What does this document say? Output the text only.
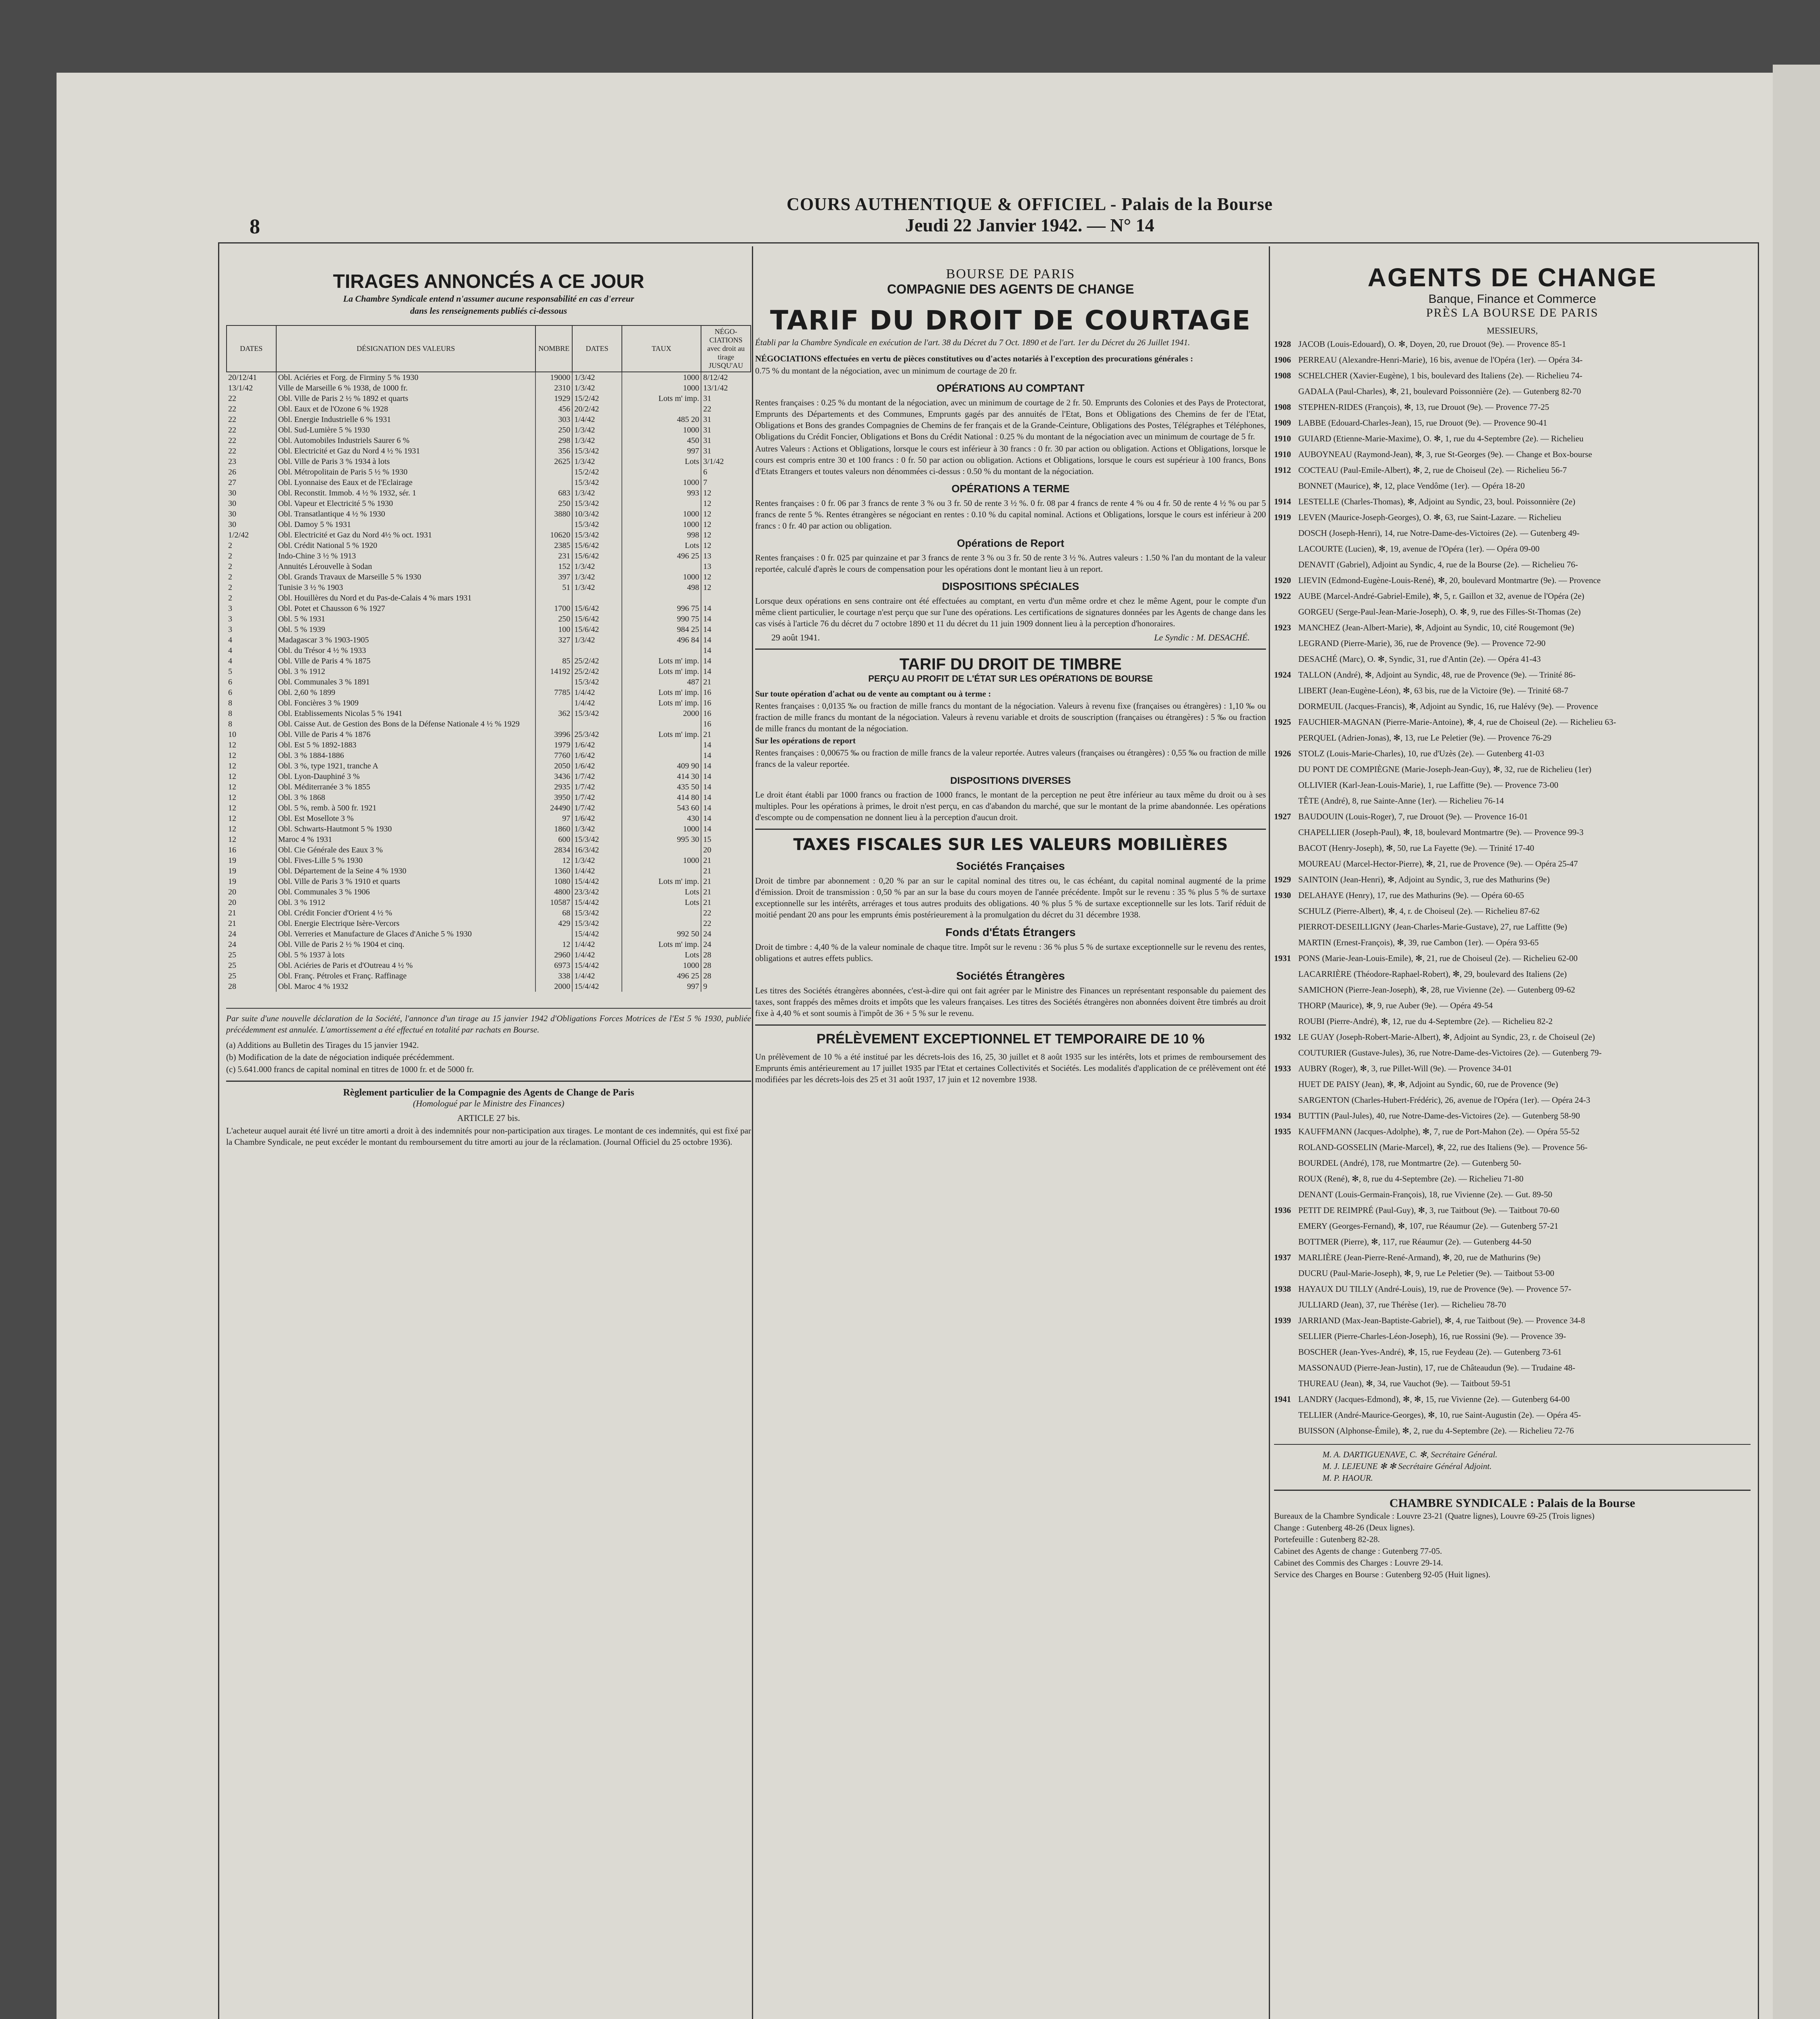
8
COURS AUTHENTIQUE & OFFICIEL - Palais de la Bourse
Jeudi 22 Janvier 1942. — N° 14
TIRAGES ANNONCÉS A CE JOUR
La Chambre Syndicale entend n'assumer aucune responsabilité en cas d'erreur
dans les renseignements publiés ci-dessous
DATES	DÉSIGNATION DES VALEURS	NOMBRE	DATES	TAUX	NÉGO-CIATIONS avec droit au tirage JUSQU'AU
20/12/41	Obl. Aciéries et Forg. de Firminy 5 % 1930	19000	1/3/42	1000	8/12/42
13/1/42	Ville de Marseille 6 % 1938, de 1000 fr.	2310	1/3/42	1000	13/1/42
22	Obl. Ville de Paris 2 ½ % 1892 et quarts	1929	15/2/42	Lots m' imp.	31
22	Obl. Eaux et de l'Ozone 6 % 1928	456	20/2/42		22
22	Obl. Energie Industrielle 6 % 1931	303	1/4/42	485 20	31
22	Obl. Sud-Lumière 5 % 1930	250	1/3/42	1000	31
22	Obl. Automobiles Industriels Saurer 6 %	298	1/3/42	450	31
22	Obl. Electricité et Gaz du Nord 4 ½ % 1931	356	15/3/42	997	31
23	Obl. Ville de Paris 3 % 1934 à lots	2625	1/3/42	Lots	3/1/42
26	Obl. Métropolitain de Paris 5 ½ % 1930		15/2/42		6
27	Obl. Lyonnaise des Eaux et de l'Eclairage		15/3/42	1000	7
30	Obl. Reconstit. Immob. 4 ½ % 1932, sér. 1	683	1/3/42	993	12
30	Obl. Vapeur et Electricité 5 % 1930	250	15/3/42		12
30	Obl. Transatlantique 4 ½ % 1930	3880	10/3/42	1000	12
30	Obl. Damoy 5 % 1931		15/3/42	1000	12
1/2/42	Obl. Electricité et Gaz du Nord 4½ % oct. 1931	10620	15/3/42	998	12
2	Obl. Crédit National 5 % 1920	2385	15/6/42	Lots	12
2	Indo-Chine 3 ½ % 1913	231	15/6/42	496 25	13
2	Annuités Lérouvelle à Sodan	152	1/3/42		13
2	Obl. Grands Travaux de Marseille 5 % 1930	397	1/3/42	1000	12
2	Tunisie 3 ½ % 1903	51	1/3/42	498	12
2	Obl. Houillères du Nord et du Pas-de-Calais 4 % mars 1931				
3	Obl. Potet et Chausson 6 % 1927	1700	15/6/42	996 75	14
3	Obl. 5 % 1931	250	15/6/42	990 75	14
3	Obl. 5 % 1939	100	15/6/42	984 25	14
4	Madagascar 3 % 1903-1905	327	1/3/42	496 84	14
4	Obl. du Trésor 4 ½ % 1933				14
4	Obl. Ville de Paris 4 % 1875	85	25/2/42	Lots m' imp.	14
5	Obl. 3 % 1912	14192	25/2/42	Lots m' imp.	14
6	Obl. Communales 3 % 1891		15/3/42	487	21
6	Obl. 2,60 % 1899	7785	1/4/42	Lots m' imp.	16
8	Obl. Foncières 3 % 1909		1/4/42	Lots m' imp.	16
8	Obl. Etablissements Nicolas 5 % 1941	362	15/3/42	2000	16
8	Obl. Caisse Aut. de Gestion des Bons de la Défense Nationale 4 ½ % 1929				16
10	Obl. Ville de Paris 4 % 1876	3996	25/3/42	Lots m' imp.	21
12	Obl. Est 5 % 1892-1883	1979	1/6/42		14
12	Obl. 3 % 1884-1886	7760	1/6/42		14
12	Obl. 3 %, type 1921, tranche A	2050	1/6/42	409 90	14
12	Obl. Lyon-Dauphiné 3 %	3436	1/7/42	414 30	14
12	Obl. Méditerranée 3 % 1855	2935	1/7/42	435 50	14
12	Obl. 3 % 1868	3950	1/7/42	414 80	14
12	Obl. 5 %, remb. à 500 fr. 1921	24490	1/7/42	543 60	14
12	Obl. Est Mosellote 3 %	97	1/6/42	430	14
12	Obl. Schwarts-Hautmont 5 % 1930	1860	1/3/42	1000	14
12	Maroc 4 % 1931	600	15/3/42	995 30	15
16	Obl. Cie Générale des Eaux 3 %	2834	16/3/42		20
19	Obl. Fives-Lille 5 % 1930	12	1/3/42	1000	21
19	Obl. Département de la Seine 4 % 1930	1360	1/4/42		21
19	Obl. Ville de Paris 3 % 1910 et quarts	1080	15/4/42	Lots m' imp.	21
20	Obl. Communales 3 % 1906	4800	23/3/42	Lots	21
20	Obl. 3 % 1912	10587	15/4/42	Lots	21
21	Obl. Crédit Foncier d'Orient 4 ½ %	68	15/3/42		22
21	Obl. Energie Electrique Isère-Vercors	429	15/3/42		22
24	Obl. Verreries et Manufacture de Glaces d'Aniche 5 % 1930		15/4/42	992 50	24
24	Obl. Ville de Paris 2 ½ % 1904 et cinq.	12	1/4/42	Lots m' imp.	24
25	Obl. 5 % 1937 à lots	2960	1/4/42	Lots	28
25	Obl. Aciéries de Paris et d'Outreau 4 ½ %	6973	15/4/42	1000	28
25	Obl. Franç. Pétroles et Franç. Raffinage	338	1/4/42	496 25	28
28	Obl. Maroc 4 % 1932	2000	15/4/42	997	9
Par suite d'une nouvelle déclaration de la Société, l'annonce d'un tirage au 15 janvier 1942 d'Obligations Forces Motrices de l'Est 5 % 1930, publiée précédemment est annulée. L'amortissement a été effectué en totalité par rachats en Bourse.
(a) Additions au Bulletin des Tirages du 15 janvier 1942.
(b) Modification de la date de négociation indiquée précédemment.
(c) 5.641.000 francs de capital nominal en titres de 1000 fr. et de 5000 fr.
Règlement particulier de la Compagnie des Agents de Change de Paris
(Homologué par le Ministre des Finances)
ARTICLE 27 bis.
L'acheteur auquel aurait été livré un titre amorti a droit à des indemnités pour non-participation aux tirages. Le montant de ces indemnités, qui est fixé par la Chambre Syndicale, ne peut excéder le montant du remboursement du titre amorti au jour de la réclamation. (Journal Officiel du 25 octobre 1936).
BOURSE DE PARIS
COMPAGNIE DES AGENTS DE CHANGE
TARIF DU DROIT DE COURTAGE
Établi par la Chambre Syndicale en exécution de l'art. 38 du Décret du 7 Oct. 1890 et de l'art. 1er du Décret du 26 Juillet 1941.
NÉGOCIATIONS effectuées en vertu de pièces constitutives ou d'actes notariés à l'exception des procurations générales :
0.75 % du montant de la négociation, avec un minimum de courtage de 20 fr.
OPÉRATIONS AU COMPTANT
Rentes françaises : 0.25 % du montant de la négociation, avec un minimum de courtage de 2 fr. 50. Emprunts des Colonies et des Pays de Protectorat, Emprunts des Départements et des Communes, Emprunts gagés par des annuités de l'Etat, Bons et Obligations des Chemins de fer de l'Etat, Obligations et Bons des grandes Compagnies de Chemins de fer français et de la Grande-Ceinture, Obligations des Postes, Télégraphes et Téléphones, Obligations du Crédit Foncier, Obligations et Bons du Crédit National : 0.25 % du montant de la négociation avec un minimum de courtage de 5 fr.
Autres Valeurs : Actions et Obligations, lorsque le cours est inférieur à 30 francs : 0 fr. 30 par action ou obligation. Actions et Obligations, lorsque le cours est compris entre 30 et 100 francs : 0 fr. 50 par action ou obligation. Actions et Obligations, lorsque le cours est supérieur à 100 francs, Bons d'Etats Etrangers et toutes valeurs non dénommées ci-dessus : 0.50 % du montant de la négociation.
OPÉRATIONS A TERME
Rentes françaises : 0 fr. 06 par 3 francs de rente 3 % ou 3 fr. 50 de rente 3 ½ %. 0 fr. 08 par 4 francs de rente 4 % ou 4 fr. 50 de rente 4 ½ % ou par 5 francs de rente 5 %. Rentes étrangères se négociant en rentes : 0.10 % du capital nominal. Actions et Obligations, lorsque le cours est inférieur à 200 francs : 0 fr. 40 par action ou obligation.
Opérations de Report
Rentes françaises : 0 fr. 025 par quinzaine et par 3 francs de rente 3 % ou 3 fr. 50 de rente 3 ½ %. Autres valeurs : 1.50 % l'an du montant de la valeur reportée, calculé d'après le cours de compensation pour les opérations dont le montant lieu à un report.
DISPOSITIONS SPÉCIALES
Lorsque deux opérations en sens contraire ont été effectuées au comptant, en vertu d'un même ordre et chez le même Agent, pour le compte d'un même client particulier, le courtage n'est perçu que sur l'une des opérations. Les certifications de signatures données par les Agents de change dans les cas visés à l'article 76 du décret du 7 octobre 1890 et 11 du décret du 11 juin 1909 donnent lieu à la perception d'honoraires.
29 août 1941.	Le Syndic : M. DESACHÉ.
TARIF DU DROIT DE TIMBRE
PERÇU AU PROFIT DE L'ÉTAT SUR LES OPÉRATIONS DE BOURSE
Sur toute opération d'achat ou de vente au comptant ou à terme :
Rentes françaises : 0,0135 ‰ ou fraction de mille francs du montant de la négociation. Valeurs à revenu fixe (françaises ou étrangères) : 1,10 ‰ ou fraction de mille francs du montant de la négociation. Valeurs à revenu variable et droits de souscription (françaises ou étrangères) : 5 ‰ ou fraction de mille francs du montant de la négociation.
Sur les opérations de report
Rentes françaises : 0,00675 ‰ ou fraction de mille francs de la valeur reportée. Autres valeurs (françaises ou étrangères) : 0,55 ‰ ou fraction de mille francs de la valeur reportée.
DISPOSITIONS DIVERSES
Le droit étant établi par 1000 francs ou fraction de 1000 francs, le montant de la perception ne peut être inférieur au taux même du droit ou à ses multiples. Pour les opérations à primes, le droit n'est perçu, en cas d'abandon du marché, que sur le montant de la prime abandonnée. Les opérations d'escompte ou de compensation ne donnent lieu à la perception d'aucun droit.
TAXES FISCALES SUR LES VALEURS MOBILIÈRES
Sociétés Françaises
Droit de timbre par abonnement : 0,20 % par an sur le capital nominal des titres ou, le cas échéant, du capital nominal augmenté de la prime d'émission. Droit de transmission : 0,50 % par an sur la base du cours moyen de l'année précédente. Impôt sur le revenu : 35 % plus 5 % de surtaxe exceptionnelle sur les intérêts, arrérages et tous autres produits des obligations. 40 % plus 5 % de surtaxe exceptionnelle sur les lots. Tarif réduit de moitié pendant 20 ans pour les emprunts émis postérieurement à la promulgation du décret du 31 décembre 1938.
Fonds d'États Étrangers
Droit de timbre : 4,40 % de la valeur nominale de chaque titre. Impôt sur le revenu : 36 % plus 5 % de surtaxe exceptionnelle sur le revenu des rentes, obligations et autres effets publics.
Sociétés Étrangères
Les titres des Sociétés étrangères abonnées, c'est-à-dire qui ont fait agréer par le Ministre des Finances un représentant responsable du paiement des taxes, sont frappés des mêmes droits et impôts que les valeurs françaises. Les titres des Sociétés étrangères non abonnées doivent être timbrés au droit fixe à 4,40 % et sont soumis à l'impôt de 36 + 5 % sur le revenu.
PRÉLÈVEMENT EXCEPTIONNEL ET TEMPORAIRE DE 10 %
Un prélèvement de 10 % a été institué par les décrets-lois des 16, 25, 30 juillet et 8 août 1935 sur les intérêts, lots et primes de remboursement des Emprunts émis antérieurement au 17 juillet 1935 par l'Etat et certaines Collectivités et Sociétés. Les modalités d'application de ce prélèvement ont été modifiées par les décrets-lois des 25 et 31 août 1937, 17 juin et 12 novembre 1938.
AGENTS DE CHANGE
Banque, Finance et Commerce
PRÈS LA BOURSE DE PARIS
MESSIEURS,
1928 JACOB (Louis-Edouard), O. ✻, Doyen, 20, rue Drouot (9e). — Provence 85-1
1906 PERREAU (Alexandre-Henri-Marie), 16 bis, avenue de l'Opéra (1er). — Opéra 34-
1908 SCHELCHER (Xavier-Eugène), 1 bis, boulevard des Italiens (2e). — Richelieu 74-
GADALA (Paul-Charles), ✻, 21, boulevard Poissonnière (2e). — Gutenberg 82-70
1908 STEPHEN-RIDES (François), ✻, 13, rue Drouot (9e). — Provence 77-25
1909 LABBE (Edouard-Charles-Jean), 15, rue Drouot (9e). — Provence 90-41
1910 GUIARD (Etienne-Marie-Maxime), O. ✻, 1, rue du 4-Septembre (2e). — Richelieu
1910 AUBOYNEAU (Raymond-Jean), ✻, 3, rue St-Georges (9e). — Change et Box-bourse
1912 COCTEAU (Paul-Emile-Albert), ✻, 2, rue de Choiseul (2e). — Richelieu 56-7
BONNET (Maurice), ✻, 12, place Vendôme (1er). — Opéra 18-20
1914 LESTELLE (Charles-Thomas), ✻, Adjoint au Syndic, 23, boul. Poissonnière (2e)
1919 LEVEN (Maurice-Joseph-Georges), O. ✻, 63, rue Saint-Lazare. — Richelieu
DOSCH (Joseph-Henri), 14, rue Notre-Dame-des-Victoires (2e). — Gutenberg 49-
LACOURTE (Lucien), ✻, 19, avenue de l'Opéra (1er). — Opéra 09-00
DENAVIT (Gabriel), Adjoint au Syndic, 4, rue de la Bourse (2e). — Richelieu 76-
1920 LIEVIN (Edmond-Eugène-Louis-René), ✻, 20, boulevard Montmartre (9e). — Provence
1922 AUBE (Marcel-André-Gabriel-Emile), ✻, 5, r. Gaillon et 32, avenue de l'Opéra (2e)
GORGEU (Serge-Paul-Jean-Marie-Joseph), O. ✻, 9, rue des Filles-St-Thomas (2e)
1923 MANCHEZ (Jean-Albert-Marie), ✻, Adjoint au Syndic, 10, cité Rougemont (9e)
LEGRAND (Pierre-Marie), 36, rue de Provence (9e). — Provence 72-90
DESACHÉ (Marc), O. ✻, Syndic, 31, rue d'Antin (2e). — Opéra 41-43
1924 TALLON (André), ✻, Adjoint au Syndic, 48, rue de Provence (9e). — Trinité 86-
LIBERT (Jean-Eugène-Léon), ✻, 63 bis, rue de la Victoire (9e). — Trinité 68-7
DORMEUIL (Jacques-Francis), ✻, Adjoint au Syndic, 16, rue Halévy (9e). — Provence
1925 FAUCHIER-MAGNAN (Pierre-Marie-Antoine), ✻, 4, rue de Choiseul (2e). — Richelieu 63-
PERQUEL (Adrien-Jonas), ✻, 13, rue Le Peletier (9e). — Provence 76-29
1926 STOLZ (Louis-Marie-Charles), 10, rue d'Uzès (2e). — Gutenberg 41-03
DU PONT DE COMPIÈGNE (Marie-Joseph-Jean-Guy), ✻, 32, rue de Richelieu (1er)
OLLIVIER (Karl-Jean-Louis-Marie), 1, rue Laffitte (9e). — Provence 73-00
TÊTE (André), 8, rue Sainte-Anne (1er). — Richelieu 76-14
1927 BAUDOUIN (Louis-Roger), 7, rue Drouot (9e). — Provence 16-01
CHAPELLIER (Joseph-Paul), ✻, 18, boulevard Montmartre (9e). — Provence 99-3
BACOT (Henry-Joseph), ✻, 50, rue La Fayette (9e). — Trinité 17-40
MOUREAU (Marcel-Hector-Pierre), ✻, 21, rue de Provence (9e). — Opéra 25-47
1929 SAINTOIN (Jean-Henri), ✻, Adjoint au Syndic, 3, rue des Mathurins (9e)
1930 DELAHAYE (Henry), 17, rue des Mathurins (9e). — Opéra 60-65
SCHULZ (Pierre-Albert), ✻, 4, r. de Choiseul (2e). — Richelieu 87-62
PIERROT-DESEILLIGNY (Jean-Charles-Marie-Gustave), 27, rue Laffitte (9e)
MARTIN (Ernest-François), ✻, 39, rue Cambon (1er). — Opéra 93-65
1931 PONS (Marie-Jean-Louis-Emile), ✻, 21, rue de Choiseul (2e). — Richelieu 62-00
LACARRIÈRE (Théodore-Raphael-Robert), ✻, 29, boulevard des Italiens (2e)
SAMICHON (Pierre-Jean-Joseph), ✻, 28, rue Vivienne (2e). — Gutenberg 09-62
THORP (Maurice), ✻, 9, rue Auber (9e). — Opéra 49-54
ROUBI (Pierre-André), ✻, 12, rue du 4-Septembre (2e). — Richelieu 82-2
1932 LE GUAY (Joseph-Robert-Marie-Albert), ✻, Adjoint au Syndic, 23, r. de Choiseul (2e)
COUTURIER (Gustave-Jules), 36, rue Notre-Dame-des-Victoires (2e). — Gutenberg 79-
1933 AUBRY (Roger), ✻, 3, rue Pillet-Will (9e). — Provence 34-01
HUET DE PAISY (Jean), ✻, ✻, Adjoint au Syndic, 60, rue de Provence (9e)
SARGENTON (Charles-Hubert-Frédéric), 26, avenue de l'Opéra (1er). — Opéra 24-3
1934 BUTTIN (Paul-Jules), 40, rue Notre-Dame-des-Victoires (2e). — Gutenberg 58-90
1935 KAUFFMANN (Jacques-Adolphe), ✻, 7, rue de Port-Mahon (2e). — Opéra 55-52
ROLAND-GOSSELIN (Marie-Marcel), ✻, 22, rue des Italiens (9e). — Provence 56-
BOURDEL (André), 178, rue Montmartre (2e). — Gutenberg 50-
ROUX (René), ✻, 8, rue du 4-Septembre (2e). — Richelieu 71-80
DENANT (Louis-Germain-François), 18, rue Vivienne (2e). — Gut. 89-50
1936 PETIT DE REIMPRÉ (Paul-Guy), ✻, 3, rue Taitbout (9e). — Taitbout 70-60
EMERY (Georges-Fernand), ✻, 107, rue Réaumur (2e). — Gutenberg 57-21
BOTTMER (Pierre), ✻, 117, rue Réaumur (2e). — Gutenberg 44-50
1937 MARLIÈRE (Jean-Pierre-René-Armand), ✻, 20, rue de Mathurins (9e)
DUCRU (Paul-Marie-Joseph), ✻, 9, rue Le Peletier (9e). — Taitbout 53-00
1938 HAYAUX DU TILLY (André-Louis), 19, rue de Provence (9e). — Provence 57-
JULLIARD (Jean), 37, rue Thérèse (1er). — Richelieu 78-70
1939 JARRIAND (Max-Jean-Baptiste-Gabriel), ✻, 4, rue Taitbout (9e). — Provence 34-8
SELLIER (Pierre-Charles-Léon-Joseph), 16, rue Rossini (9e). — Provence 39-
BOSCHER (Jean-Yves-André), ✻, 15, rue Feydeau (2e). — Gutenberg 73-61
MASSONAUD (Pierre-Jean-Justin), 17, rue de Châteaudun (9e). — Trudaine 48-
THUREAU (Jean), ✻, 34, rue Vauchot (9e). — Taitbout 59-51
1941 LANDRY (Jacques-Edmond), ✻, ✻, 15, rue Vivienne (2e). — Gutenberg 64-00
TELLIER (André-Maurice-Georges), ✻, 10, rue Saint-Augustin (2e). — Opéra 45-
BUISSON (Alphonse-Émile), ✻, 2, rue du 4-Septembre (2e). — Richelieu 72-76
M. A. DARTIGUENAVE, C. ✻, Secrétaire Général.
M. J. LEJEUNE ✻ ✻ Secrétaire Général Adjoint.
M. P. HAOUR.
CHAMBRE SYNDICALE : Palais de la Bourse
Bureaux de la Chambre Syndicale : Louvre 23-21 (Quatre lignes), Louvre 69-25 (Trois lignes)
Change : Gutenberg 48-26 (Deux lignes).
Portefeuille : Gutenberg 82-28.
Cabinet des Agents de change : Gutenberg 77-05.
Cabinet des Commis des Charges : Louvre 29-14.
Service des Charges en Bourse : Gutenberg 92-05 (Huit lignes).
